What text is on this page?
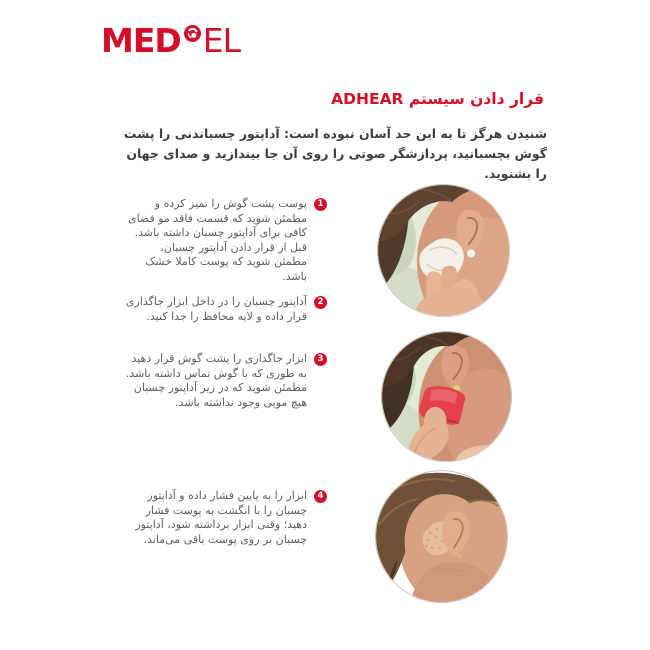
MED EL
قرار دادن سیستم ADHEAR

شنیدن هرگز تا به این حد آسان نبوده است: آداپتور چسباندنی را پشت گوش بچسبانید، پردازشگر صوتی را روی آن جا بیندازید و صدای جهان را بشنوید.

1

پوست پشت گوش را تمیز کرده و مطمئن شوید که قسمت فاقد مو فضای کافی برای آداپتور چسبان داشته باشد. قبل از قرار دادن آداپتور چسبان، مطمئن شوید که پوست کاملا خشک باشد.

2

آداپتور چسبان را در داخل ابزار جاگذاری قرار داده و لایه محافظ را جدا کنید.

3

ابزار جاگذاری را پشت گوش قرار دهید به طوری که با گوش تماس داشته باشد. مطمئن شوید که در زیر آداپتور چسبان هیچ مویی وجود نداشته باشد.

4

ابزار را به پایین فشار داده و آداپتور چسبان را با انگشت به پوست فشار دهید؛ وقتی ابزار برداشته شود، آداپتور چسبان بر روی پوست باقی می‌ماند.
